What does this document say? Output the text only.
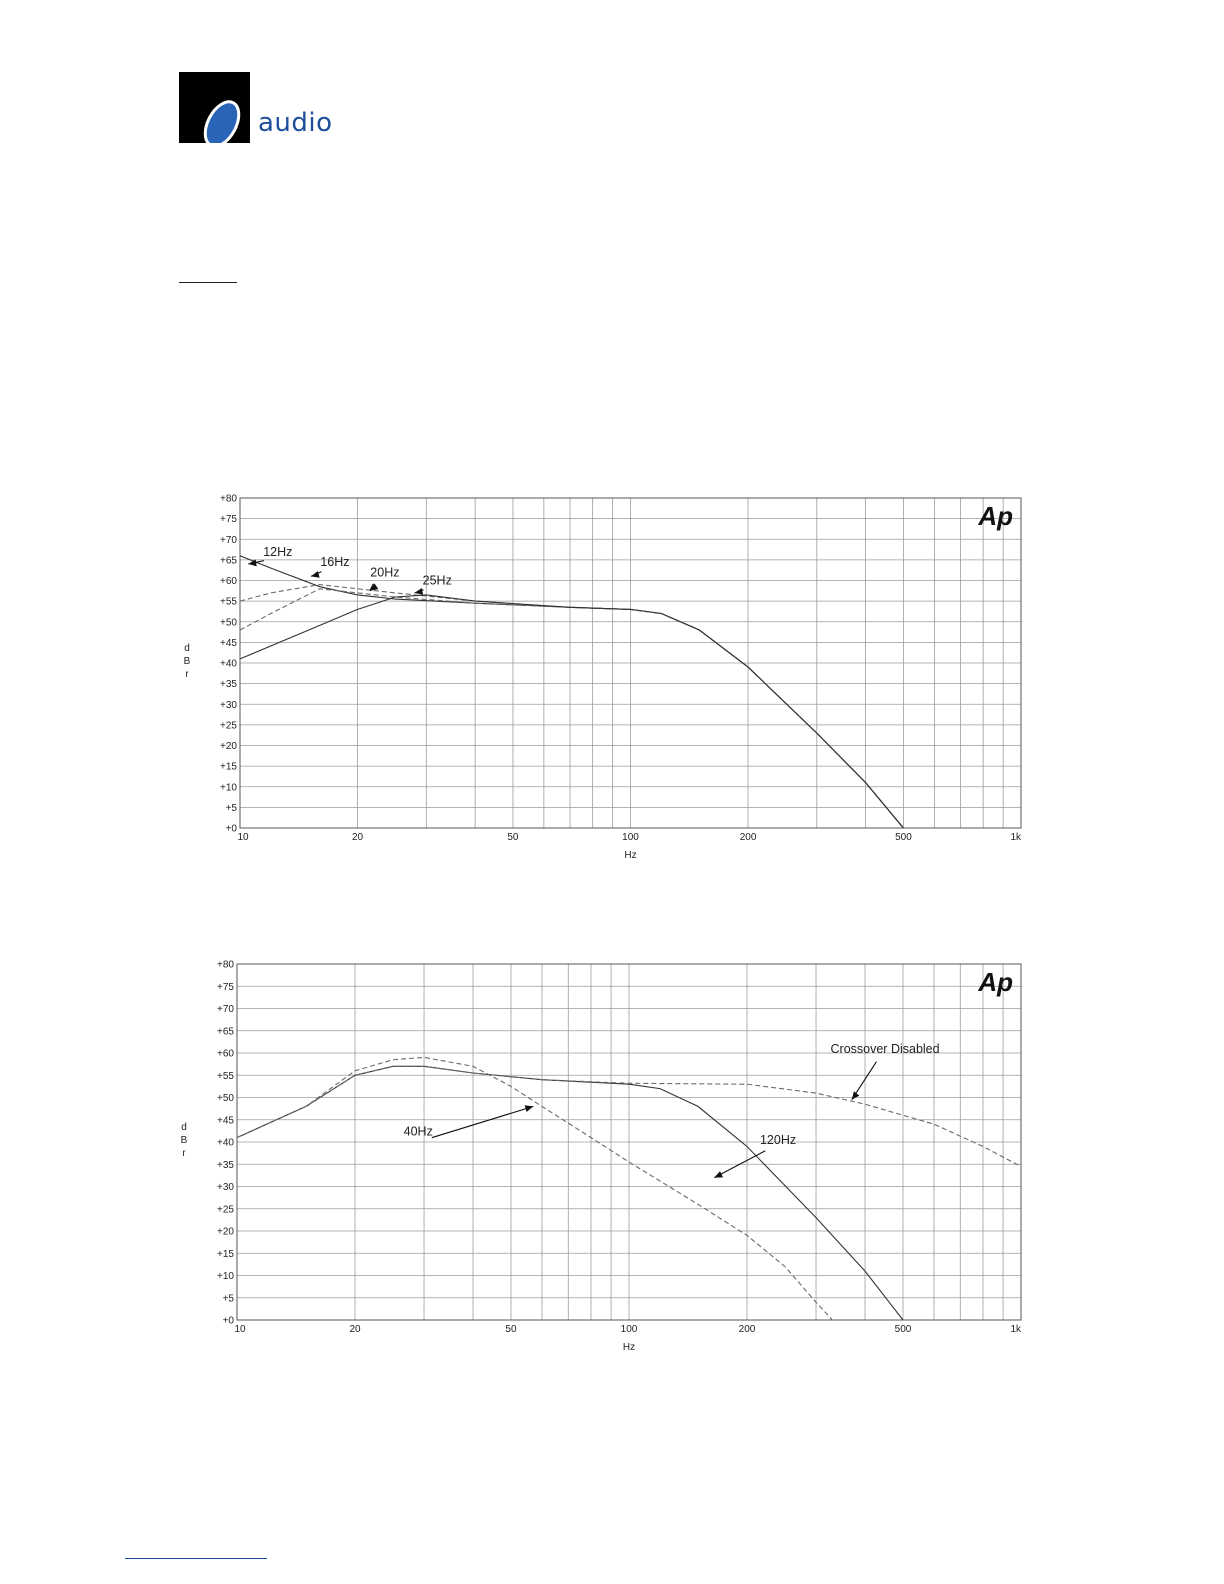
audio
+0
+5
+10
+15
+20
+25
+30
+35
+40
+45
+50
+55
+60
+65
+70
+75
+80
10	20	50	100	200	500	1k
Hz
d
B
r
Ap
12Hz
16Hz
20Hz
25Hz
+0
+5
+10
+15
+20
+25
+30
+35
+40
+45
+50
+55
+60
+65
+70
+75
+80
10	20	50	100	200	500	1k
Hz
d
B
r
Ap
Crossover Disabled
40Hz
120Hz
